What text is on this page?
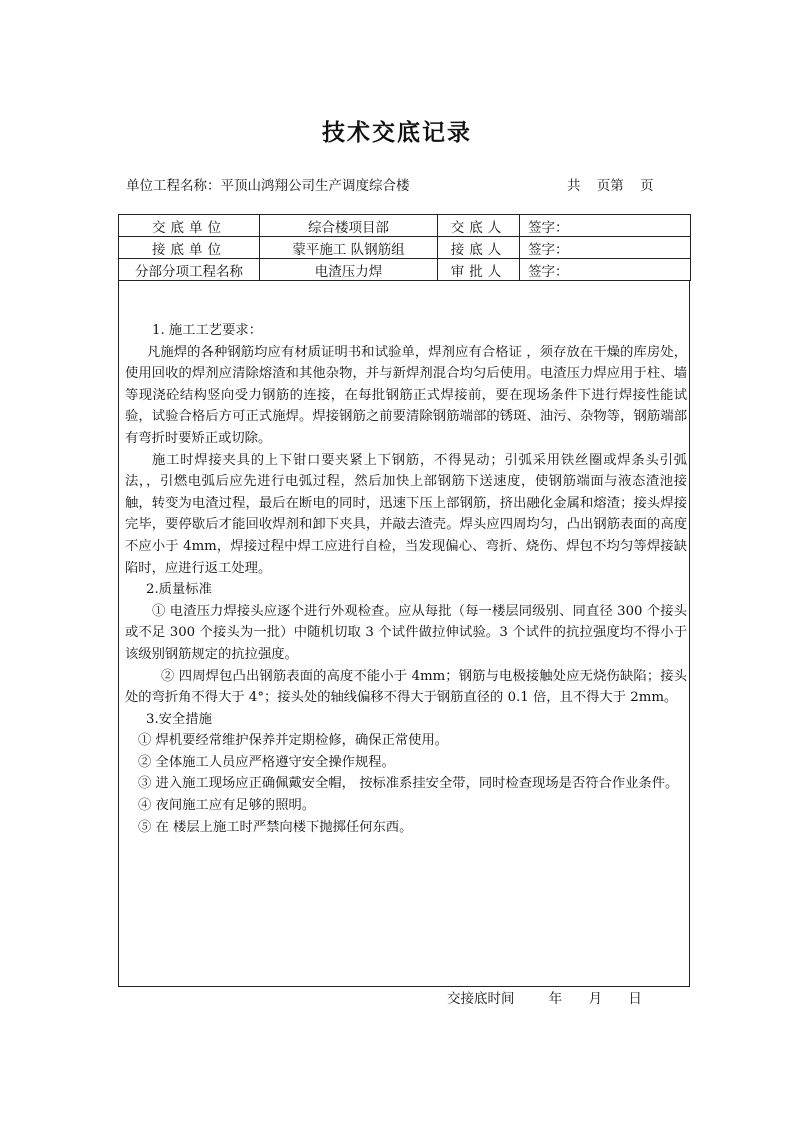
技术交底记录
单位工程名称：平顶山鸿翔公司生产调度综合楼	共 页第 页
交底单位	综合楼项目部	交底人	签字：
接底单位	蒙平施工 队钢筋组	接底人	签字：
分部分项工程名称	电渣压力焊	审批人	签字：

1. 施工工艺要求：

凡施焊的各种钢筋均应有材质证明书和试验单，焊剂应有合格证 ，须存放在干燥的库房处，使用回收的焊剂应清除熔渣和其他杂物，并与新焊剂混合均匀后使用。电渣压力焊应用于柱、墙等现浇砼结构竖向受力钢筋的连接，在每批钢筋正式焊接前，要在现场条件下进行焊接性能试验，试验合格后方可正式施焊。焊接钢筋之前要清除钢筋端部的锈斑、油污、杂物等，钢筋端部有弯折时要矫正或切除。

施工时焊接夹具的上下钳口要夹紧上下钢筋，不得晃动；引弧采用铁丝圈或焊条头引弧法，，引燃电弧后应先进行电弧过程，然后加快上部钢筋下送速度，使钢筋端面与液态渣池接触，转变为电渣过程，最后在断电的同时，迅速下压上部钢筋，挤出融化金属和熔渣；接头焊接完毕，要停歇后才能回收焊剂和卸下夹具，并敲去渣壳。焊头应四周均匀，凸出钢筋表面的高度不应小于 4mm，焊接过程中焊工应进行自检，当发现偏心、弯折、烧伤、焊包不均匀等焊接缺陷时，应进行返工处理。

2.质量标准

① 电渣压力焊接头应逐个进行外观检查。应从每批（每一楼层同级别、同直径 300 个接头或不足 300 个接头为一批）中随机切取 3 个试件做拉伸试验。3 个试件的抗拉强度均不得小于该级别钢筋规定的抗拉强度。

② 四周焊包凸出钢筋表面的高度不能小于 4mm；钢筋与电极接触处应无烧伤缺陷；接头处的弯折角不得大于 4°；接头处的轴线偏移不得大于钢筋直径的 0.1 倍，且不得大于 2mm。

3.安全措施

① 焊机要经常维护保养并定期检修，确保正常使用。

② 全体施工人员应严格遵守安全操作规程。

③ 进入施工现场应正确佩戴安全帽， 按标准系挂安全带，同时检查现场是否符合作业条件。

④ 夜间施工应有足够的照明。

⑤ 在 楼层上施工时严禁向楼下抛掷任何东西。

交接底时间	年 月 日
